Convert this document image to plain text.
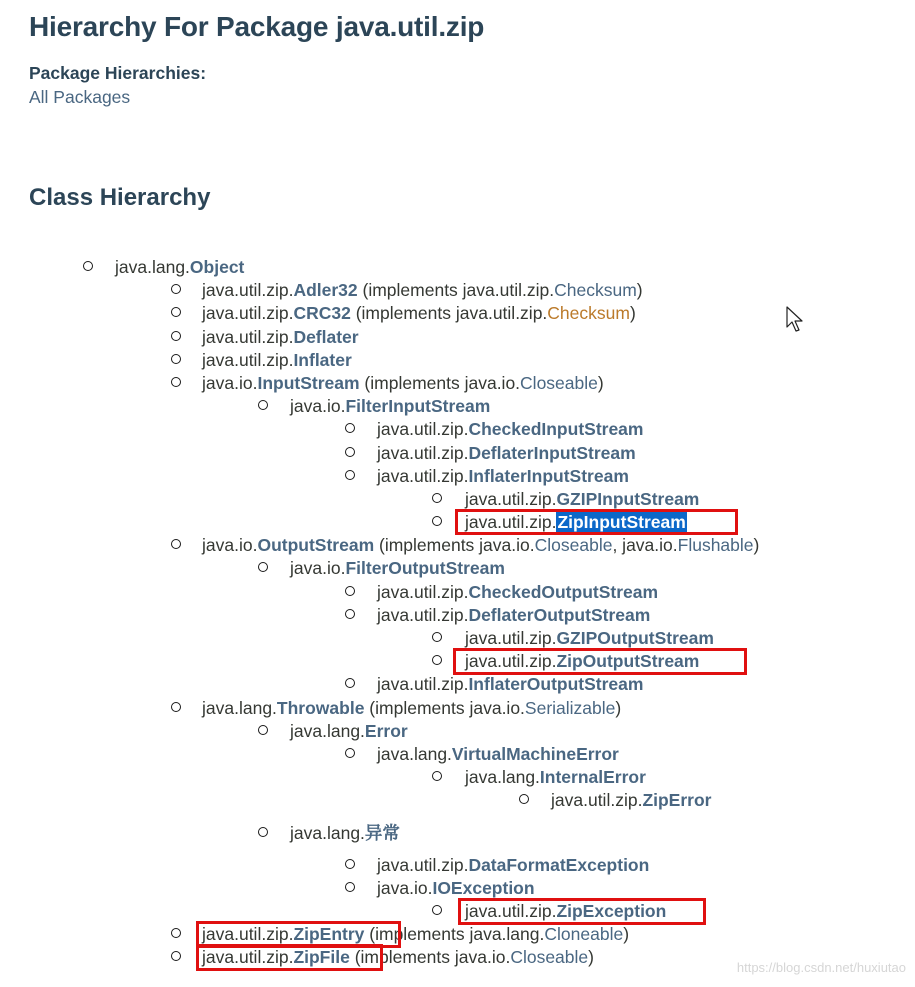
Hierarchy For Package java.util.zip
Package Hierarchies:
All Packages
Class Hierarchy
java.lang.Object
java.util.zip.Adler32 (implements java.util.zip.Checksum)
java.util.zip.CRC32 (implements java.util.zip.Checksum)
java.util.zip.Deflater
java.util.zip.Inflater
java.io.InputStream (implements java.io.Closeable)
java.io.FilterInputStream
java.util.zip.CheckedInputStream
java.util.zip.DeflaterInputStream
java.util.zip.InflaterInputStream
java.util.zip.GZIPInputStream
java.util.zip.ZipInputStream
java.io.OutputStream (implements java.io.Closeable, java.io.Flushable)
java.io.FilterOutputStream
java.util.zip.CheckedOutputStream
java.util.zip.DeflaterOutputStream
java.util.zip.GZIPOutputStream
java.util.zip.ZipOutputStream
java.util.zip.InflaterOutputStream
java.lang.Throwable (implements java.io.Serializable)
java.lang.Error
java.lang.VirtualMachineError
java.lang.InternalError
java.util.zip.ZipError
java.lang.异常
java.util.zip.DataFormatException
java.io.IOException
java.util.zip.ZipException
java.util.zip.ZipEntry (implements java.lang.Cloneable)
java.util.zip.ZipFile (implements java.io.Closeable)
https://blog.csdn.net/huxiutao
